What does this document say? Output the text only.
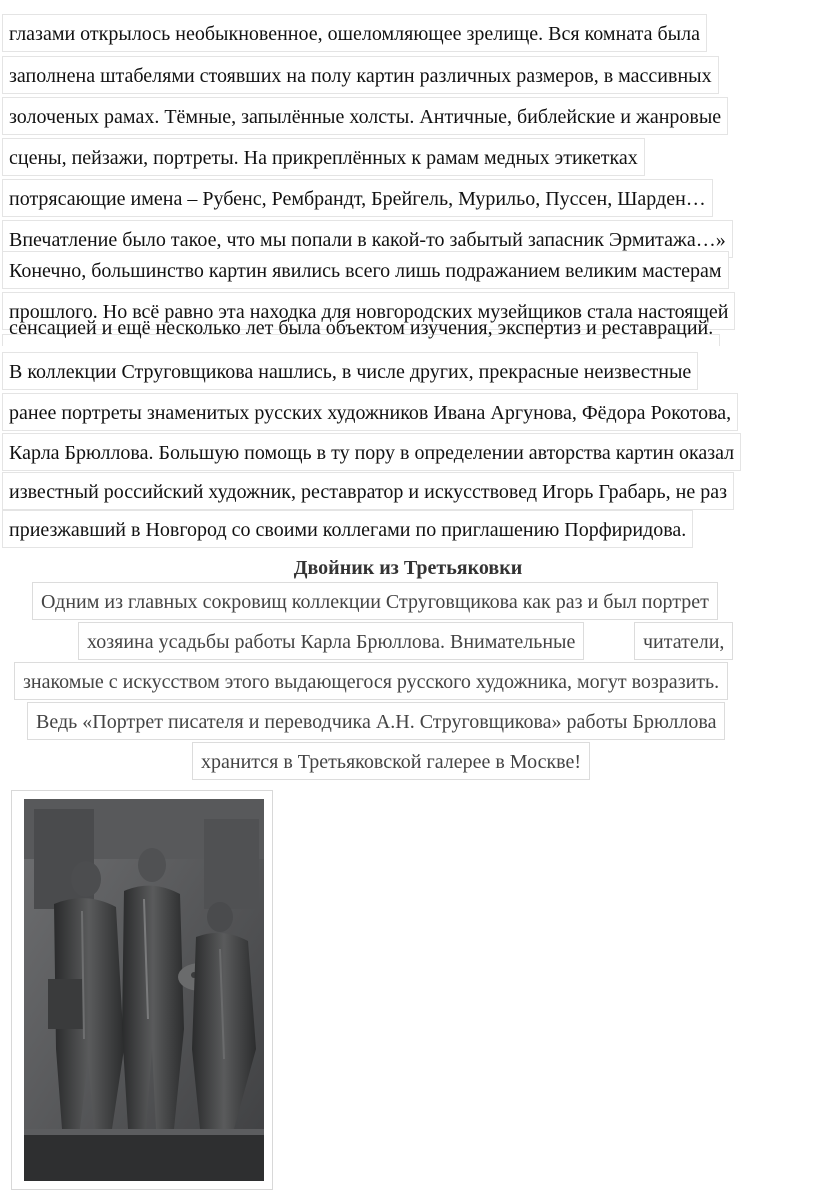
глазами открылось необыкновенное, ошеломляющее зрелище. Вся комната была
заполнена штабелями стоявших на полу картин различных размеров, в массивных
золоченых рамах. Тёмные, запылённые холсты. Античные, библейские и жанровые
сцены, пейзажи, портреты. На прикреплённых к рамам медных этикетках
потрясающие имена – Рубенс, Рембрандт, Брейгель, Мурильо, Пуссен, Шарден…
Впечатление было такое, что мы попали в какой-то забытый запасник Эрмитажа…»
Конечно, большинство картин явились всего лишь подражанием великим мастерам
прошлого. Но всё равно эта находка для новгородских музейщиков стала настоящей
сенсацией и ещё несколько лет была объектом изучения, экспертиз и реставраций.
В коллекции Струговщикова нашлись, в числе других, прекрасные неизвестные
ранее портреты знаменитых русских художников Ивана Аргунова, Фёдора Рокотова,
Карла Брюллова. Большую помощь в ту пору в определении авторства картин оказал
известный российский художник, реставратор и искусствовед Игорь Грабарь, не раз
приезжавший в Новгород со своими коллегами по приглашению Порфиридова.
Двойник из Третьяковки
Одним из главных сокровищ коллекции Струговщикова как раз и был портрет
хозяина усадьбы работы Карла Брюллова. Внимательные	читатели,
знакомые с искусством этого выдающегося русского художника, могут возразить.
Ведь «Портрет писателя и переводчика А.Н. Струговщикова» работы Брюллова
хранится в Третьяковской галерее в Москве!
